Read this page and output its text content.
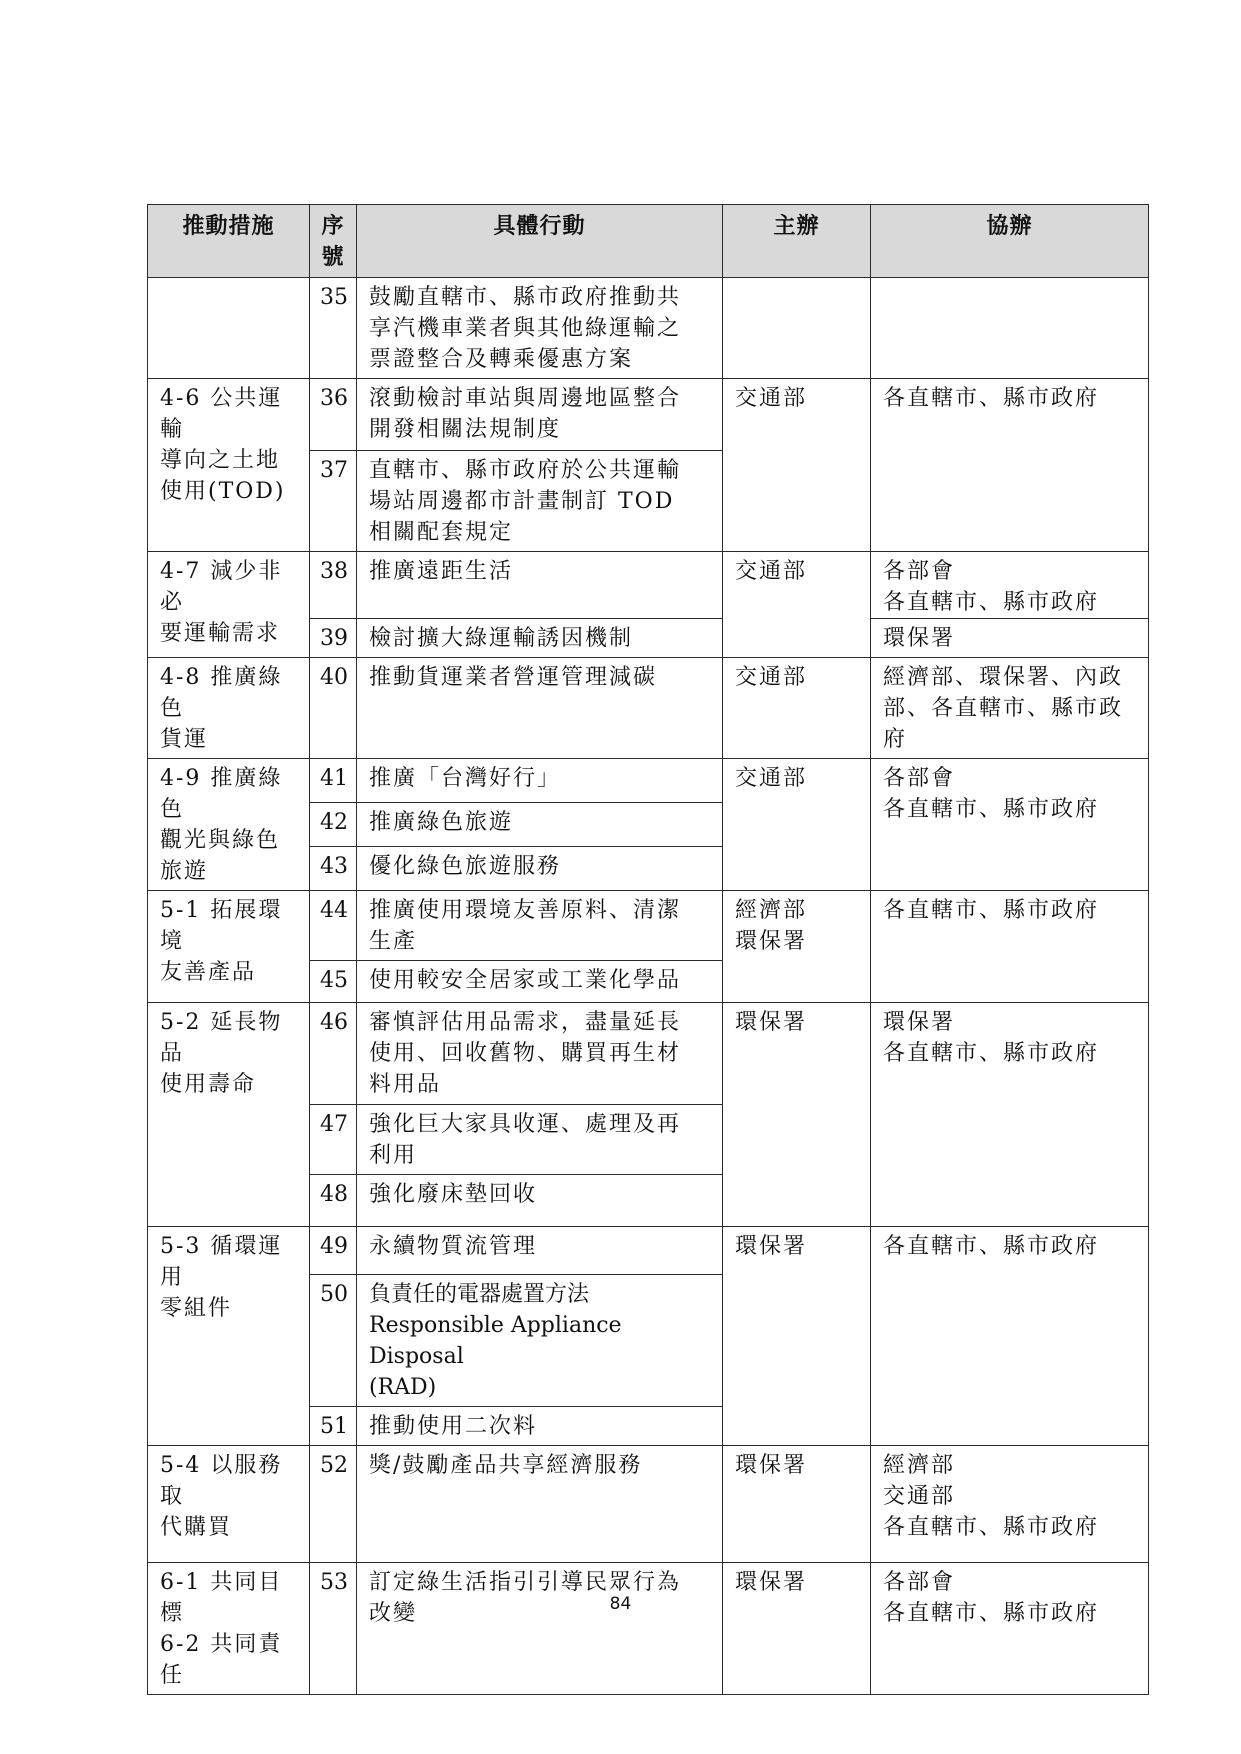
推動措施	序
號	具體行動	主辦	協辦
	35	鼓勵直轄市、縣市政府推動共
享汽機車業者與其他綠運輸之
票證整合及轉乘優惠方案		

4-6 公共運輸
導向之土地
使用(TOD)	36	滾動檢討車站與周邊地區整合
開發相關法規制度	交通部	各直轄市、縣市政府

	37	直轄市、縣市政府於公共運輸
場站周邊都市計畫制訂 TOD
相關配套規定		

4-7 減少非必
要運輸需求	38	推廣遠距生活	交通部	各部會
各直轄市、縣市政府

	39	檢討擴大綠運輸誘因機制		環保署

4-8 推廣綠色
貨運	40	推動貨運業者營運管理減碳	交通部	經濟部、環保署、內政
部、各直轄市、縣市政
府

4-9 推廣綠色
觀光與綠色
旅遊	41	推廣「台灣好行」	交通部	各部會
各直轄市、縣市政府

	42	推廣綠色旅遊		

	43	優化綠色旅遊服務		

5-1 拓展環境
友善產品	44	推廣使用環境友善原料、清潔
生產	經濟部
環保署	各直轄市、縣市政府

	45	使用較安全居家或工業化學品		

5-2 延長物品
使用壽命	46	審慎評估用品需求，盡量延長
使用、回收舊物、購買再生材
料用品	環保署	環保署
各直轄市、縣市政府

	47	強化巨大家具收運、處理及再
利用		

	48	強化廢床墊回收		

5-3 循環運用
零組件	49	永續物質流管理	環保署	各直轄市、縣市政府

	50	負責任的電器處置方法
Responsible Appliance Disposal
(RAD)		

	51	推動使用二次料		

5-4 以服務取
代購買	52	獎/鼓勵產品共享經濟服務	環保署	經濟部
交通部
各直轄市、縣市政府

6-1 共同目標
6-2 共同責任	53	訂定綠生活指引引導民眾行為
改變	環保署	各部會
各直轄市、縣市政府
84
